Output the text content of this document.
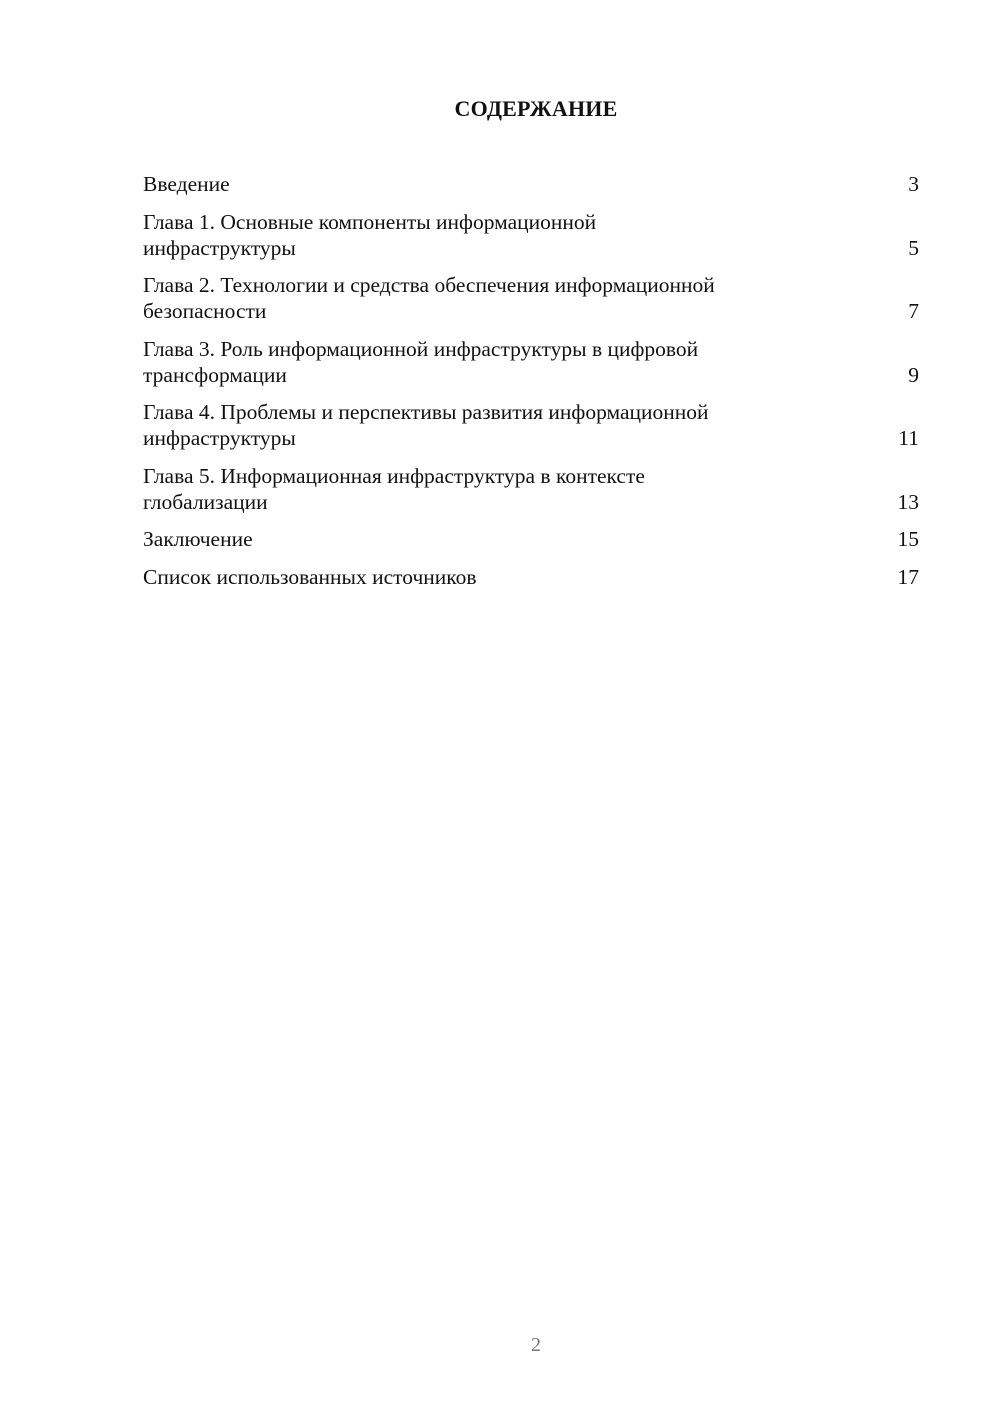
СОДЕРЖАНИЕ
Введение	3
Глава 1. Основные компоненты информационной
инфраструктуры	5
Глава 2. Технологии и средства обеспечения информационной
безопасности	7
Глава 3. Роль информационной инфраструктуры в цифровой
трансформации	9
Глава 4. Проблемы и перспективы развития информационной
инфраструктуры	11
Глава 5. Информационная инфраструктура в контексте
глобализации	13
Заключение	15
Список использованных источников	17
2
